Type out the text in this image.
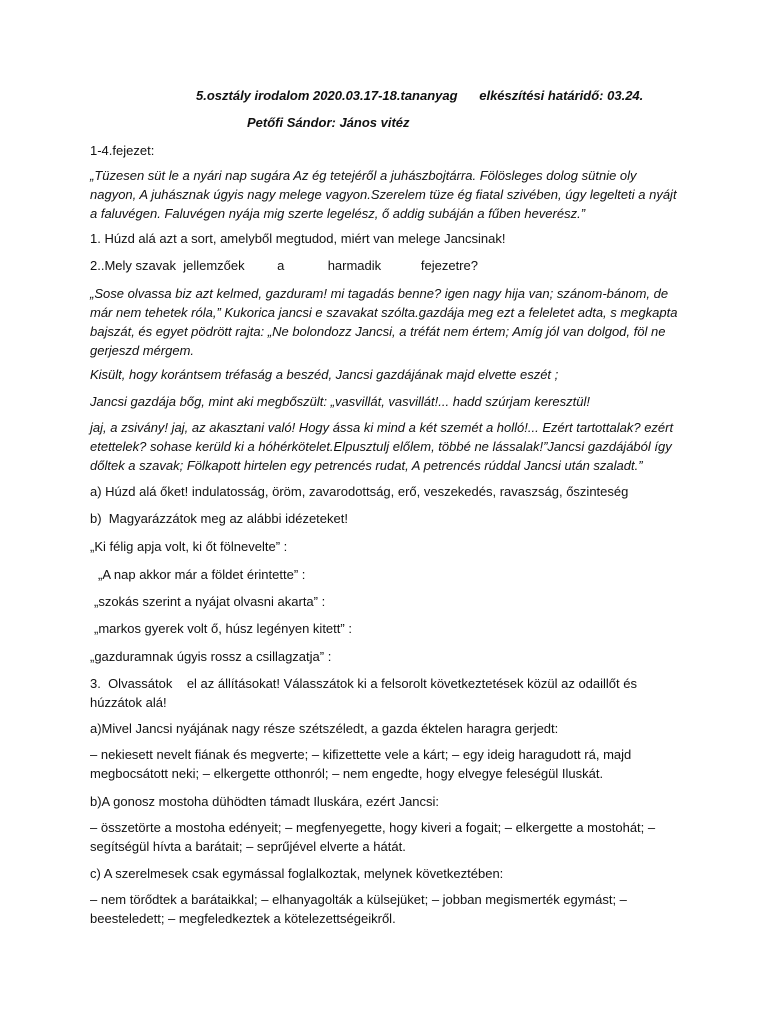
5.osztály irodalom 2020.03.17-18.tananyag      elkészítési határidő: 03.24.
Petőfi Sándor: János vitéz

1-4.fejezet:

„Tüzesen süt le a nyári nap sugára Az ég tetejéről a juhászbojtárra. Fölösleges dolog sütnie oly nagyon, A juhásznak úgyis nagy melege vagyon.Szerelem tüze ég fiatal szivében, úgy legelteti a nyájt a faluvégen. Faluvégen nyája mig szerte legelész, ő addig subáján a fűben heverész.”

1. Húzd alá azt a sort, amelyből megtudod, miért van melege Jancsinak!

2..Mely szavak  jellemzőek         a            harmadik           fejezetre?

„Sose olvassa biz azt kelmed, gazduram! mi tagadás benne? igen nagy hija van; szánom-bánom, de már nem tehetek róla,” Kukorica jancsi e szavakat szólta.gazdája meg ezt a feleletet adta, s megkapta bajszát, és egyet pödrött rajta: „Ne bolondozz Jancsi, a tréfát nem értem; Amíg jól van dolgod, föl ne gerjeszd mérgem.

Kisült, hogy korántsem tréfaság a beszéd, Jancsi gazdájának majd elvette eszét ;

Jancsi gazdája bőg, mint aki megbőszült: „vasvillát, vasvillát!... hadd szúrjam keresztül!

jaj, a zsivány! jaj, az akasztani való! Hogy ássa ki mind a két szemét a holló!... Ezért tartottalak? ezért etettelek? sohase kerüld ki a hóhérkötelet.Elpusztulj előlem, többé ne lássalak!”Jancsi gazdájából így dőltek a szavak; Fölkapott hirtelen egy petrencés rudat, A petrencés rúddal Jancsi után szaladt.”

a) Húzd alá őket! indulatosság, öröm, zavarodottság, erő, veszekedés, ravaszság, őszinteség

b)  Magyarázzátok meg az alábbi idézeteket!

„Ki félig apja volt, ki őt fölnevelte” :

„A nap akkor már a földet érintette” :

„szokás szerint a nyájat olvasni akarta” :

„markos gyerek volt ő, húsz legényen kitett” :

„gazduramnak úgyis rossz a csillagzatja” :

3.  Olvassátok    el az állításokat! Válasszátok ki a felsorolt következtetések közül az odaillőt és húzzátok alá!

a)Mivel Jancsi nyájának nagy része szétszéledt, a gazda éktelen haragra gerjedt:

– nekiesett nevelt fiának és megverte; – kifizettette vele a kárt; – egy ideig haragudott rá, majd megbocsátott neki; – elkergette otthonról; – nem engedte, hogy elvegye feleségül Iluskát.

b)A gonosz mostoha dühödten támadt Iluskára, ezért Jancsi:

– összetörte a mostoha edényeit; – megfenyegette, hogy kiveri a fogait; – elkergette a mostohát; – segítségül hívta a barátait; – seprűjével elverte a hátát.

c) A szerelmesek csak egymással foglalkoztak, melynek következtében:

– nem törődtek a barátaikkal; – elhanyagolták a külsejüket; – jobban megismerték egymást; – beesteledett; – megfeledkeztek a kötelezettségeikről.
